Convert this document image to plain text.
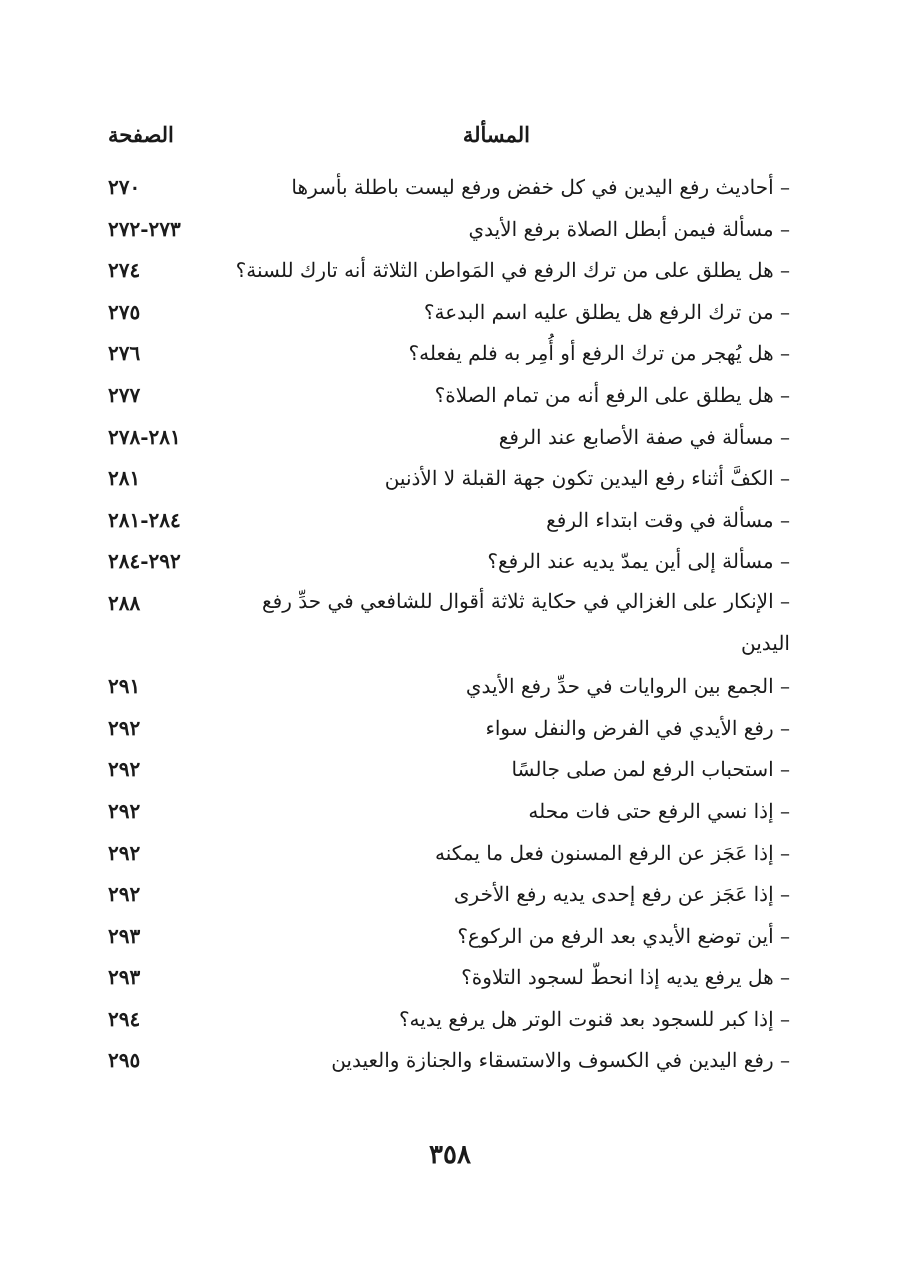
المسألة
الصفحة
– أحاديث رفع اليدين في كل خفض ورفع ليست باطلة بأسرها
٢٧٠
– مسألة فيمن أبطل الصلاة برفع الأيدي
٢٧٣-٢٧٢
– هل يطلق على من ترك الرفع في المَواطن الثلاثة أنه تارك للسنة؟
٢٧٤
– من ترك الرفع هل يطلق عليه اسم البدعة؟
٢٧٥
– هل يُهجر من ترك الرفع أو أُمِر به فلم يفعله؟
٢٧٦
– هل يطلق على الرفع أنه من تمام الصلاة؟
٢٧٧
– مسألة في صفة الأصابع عند الرفع
٢٨١-٢٧٨
– الكفَّ أثناء رفع اليدين تكون جهة القبلة لا الأذنين
٢٨١
– مسألة في وقت ابتداء الرفع
٢٨٤-٢٨١
– مسألة إلى أين يمدّ يديه عند الرفع؟
٢٩٢-٢٨٤
– الإنكار على الغزالي في حكاية ثلاثة أقوال للشافعي في حدِّ رفع اليدين
٢٨٨
– الجمع بين الروايات في حدِّ رفع الأيدي
٢٩١
– رفع الأيدي في الفرض والنفل سواء
٢٩٢
– استحباب الرفع لمن صلى جالسًا
٢٩٢
– إذا نسي الرفع حتى فات محله
٢٩٢
– إذا عَجَز عن الرفع المسنون فعل ما يمكنه
٢٩٢
– إذا عَجَز عن رفع إحدى يديه رفع الأخرى
٢٩٢
– أين توضع الأيدي بعد الرفع من الركوع؟
٢٩٣
– هل يرفع يديه إذا انحطّ لسجود التلاوة؟
٢٩٣
– إذا كبر للسجود بعد قنوت الوتر هل يرفع يديه؟
٢٩٤
– رفع اليدين في الكسوف والاستسقاء والجنازة والعيدين
٢٩٥
٣٥٨
